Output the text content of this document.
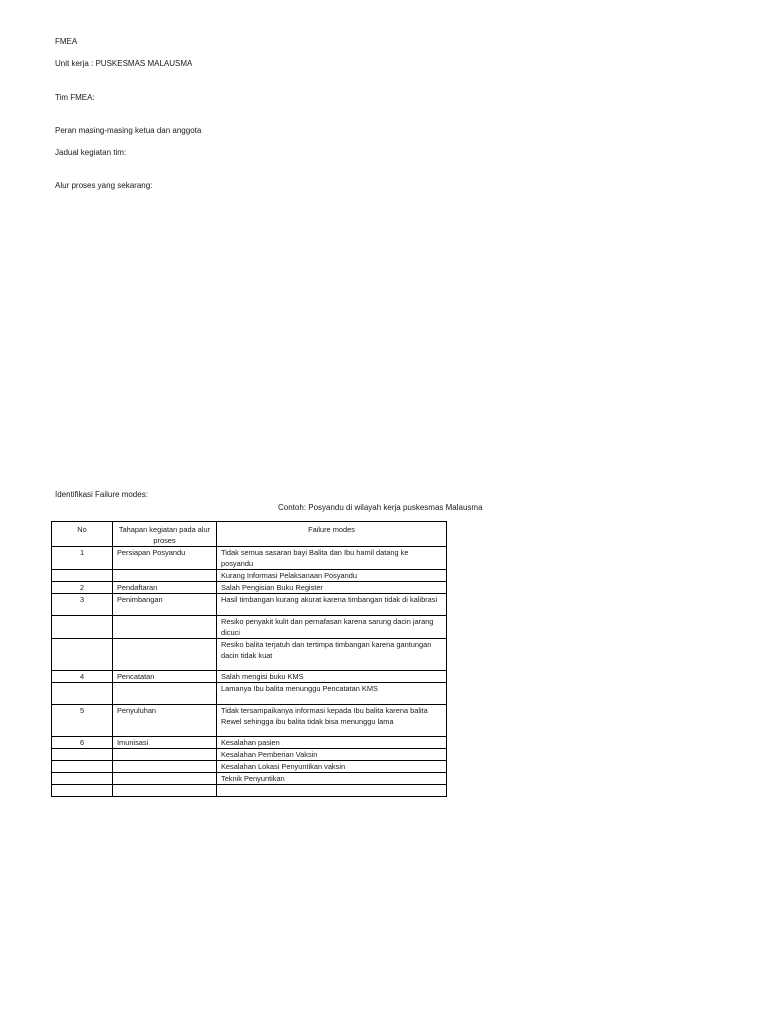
FMEA
Unit kerja : PUSKESMAS MALAUSMA
Tim FMEA:
Peran masing-masing ketua dan anggota
Jadual kegiatan tim:
Alur proses yang sekarang:
Identifikasi Failure modes:
Contoh: Posyandu di wilayah kerja puskesmas Malausma
No	Tahapan kegiatan pada alur proses	Failure modes
1	Persiapan Posyandu	Tidak semua sasaran bayi Balita dan Ibu hamil datang ke posyandu
		Kurang Informasi Pelaksanaan Posyandu
2	Pendaftaran	Salah Pengisian Buku Register
3	Penimbangan	Hasil timbangan kurang akurat karena timbangan tidak di kalibrasi
		Resiko penyakit kulit dan pernafasan karena sarung dacin jarang dicuci
		Resiko balita terjatuh dan tertimpa timbangan karena gantungan dacin tidak kuat
4	Pencatatan	Salah mengisi buku KMS
		Lamanya Ibu balita menunggu Pencatatan KMS
5	Penyuluhan	Tidak tersampaikanya informasi kepada Ibu balita karena balita Rewel sehingga ibu balita tidak bisa menunggu lama
6	Imunisasi	Kesalahan pasien
		Kesalahan Pemberian Vaksin
		Kesalahan Lokasi Penyuntikan vaksin
		Teknik Penyuntikan
